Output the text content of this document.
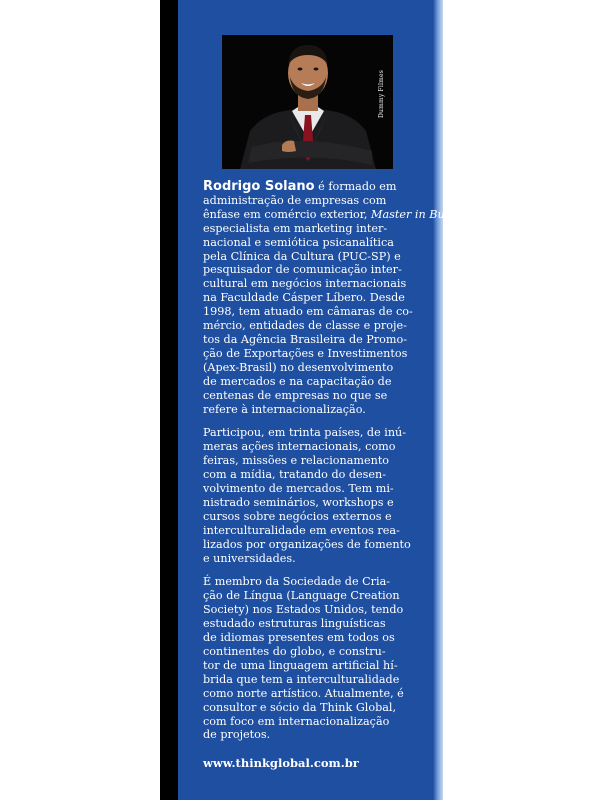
Dummy Filmes

Rodrigo Solano é formado em
administração de empresas com
ênfase em comércio exterior, Master in Business Administration (MBA),
especialista em marketing inter-
nacional e semiótica psicanalítica
pela Clínica da Cultura (PUC-SP) e
pesquisador de comunicação inter-
cultural em negócios internacionais
na Faculdade Cásper Líbero. Desde
1998, tem atuado em câmaras de co-
mércio, entidades de classe e proje-
tos da Agência Brasileira de Promo-
ção de Exportações e Investimentos
(Apex-Brasil) no desenvolvimento
de mercados e na capacitação de
centenas de empresas no que se
refere à internacionalização.

Participou, em trinta países, de inú-
meras ações internacionais, como
feiras, missões e relacionamento
com a mídia, tratando do desen-
volvimento de mercados. Tem mi-
nistrado seminários, workshops e
cursos sobre negócios externos e
interculturalidade em eventos rea-
lizados por organizações de fomento
e universidades.

É membro da Sociedade de Cria-
ção de Língua (Language Creation
Society) nos Estados Unidos, tendo
estudado estruturas linguísticas
de idiomas presentes em todos os
continentes do globo, e constru-
tor de uma linguagem artificial hí-
brida que tem a interculturalidade
como norte artístico. Atualmente, é
consultor e sócio da Think Global,
com foco em internacionalização
de projetos.

www.thinkglobal.com.br
